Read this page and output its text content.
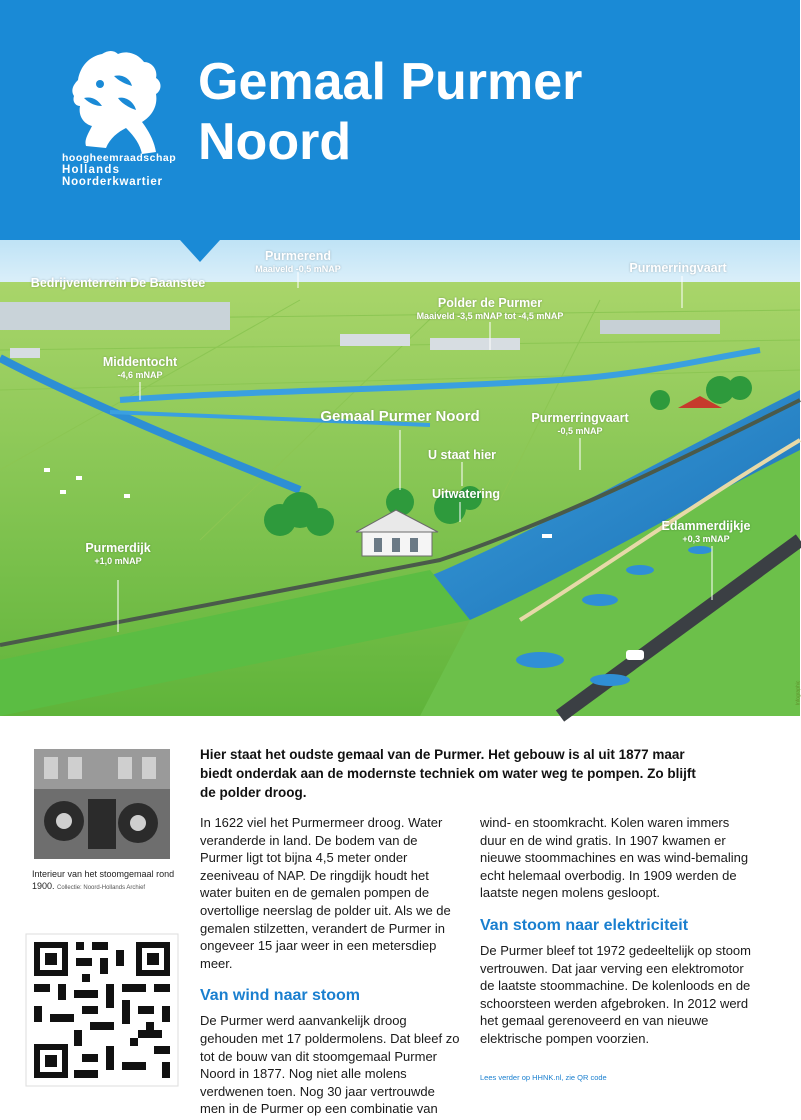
hoogheemraadschap
Hollands
Noorderkwartier
Gemaal Purmer
Noord
Purmerend
Maaiveld -0,5 mNAP
Bedrijventerrein De Baanstee
Purmerringvaart
Polder de Purmer
Maaiveld -3,5 mNAP tot -4,5 mNAP
Middentocht
-4,6 mNAP
Gemaal Purmer Noord	Purmerringvaart
-0,5 mNAP
U staat hier
Uitwatering
Edammerdijkje
+0,3 mNAP
Purmerdijk
+1,0 mNAP
Infographic
Interieur van het stoomgemaal rond 1900. Collectie: Noord-Hollands Archief
Hier staat het oudste gemaal van de Purmer. Het gebouw is al uit 1877 maar biedt onderdak aan de modernste techniek om water weg te pompen. Zo blijft de polder droog.

In 1622 viel het Purmermeer droog. Water veranderde in land. De bodem van de Purmer ligt tot bijna 4,5 meter onder zeeniveau of NAP. De ringdijk houdt het water buiten en de gemalen pompen de overtollige neerslag de polder uit. Als we de gemalen stilzetten, verandert de Purmer in ongeveer 15 jaar weer in een metersdiep meer.

Van wind naar stoom

De Purmer werd aanvankelijk droog gehouden met 17 poldermolens. Dat bleef zo tot de bouw van dit stoomgemaal Purmer Noord in 1877. Nog niet alle molens verdwenen toen. Nog 30 jaar vertrouwde men in de Purmer op een combinatie van

wind- en stoomkracht. Kolen waren immers duur en de wind gratis. In 1907 kwamen er nieuwe stoommachines en was wind-bemaling echt helemaal overbodig. In 1909 werden de laatste negen molens gesloopt.

Van stoom naar elektriciteit

De Purmer bleef tot 1972 gedeeltelijk op stoom vertrouwen. Dat jaar verving een elektromotor de laatste stoommachine. De kolenloods en de schoorsteen werden afgebroken. In 2012 werd het gemaal gerenoveerd en van nieuwe elektrische pompen voorzien.

Lees verder op HHNK.nl, zie QR code
